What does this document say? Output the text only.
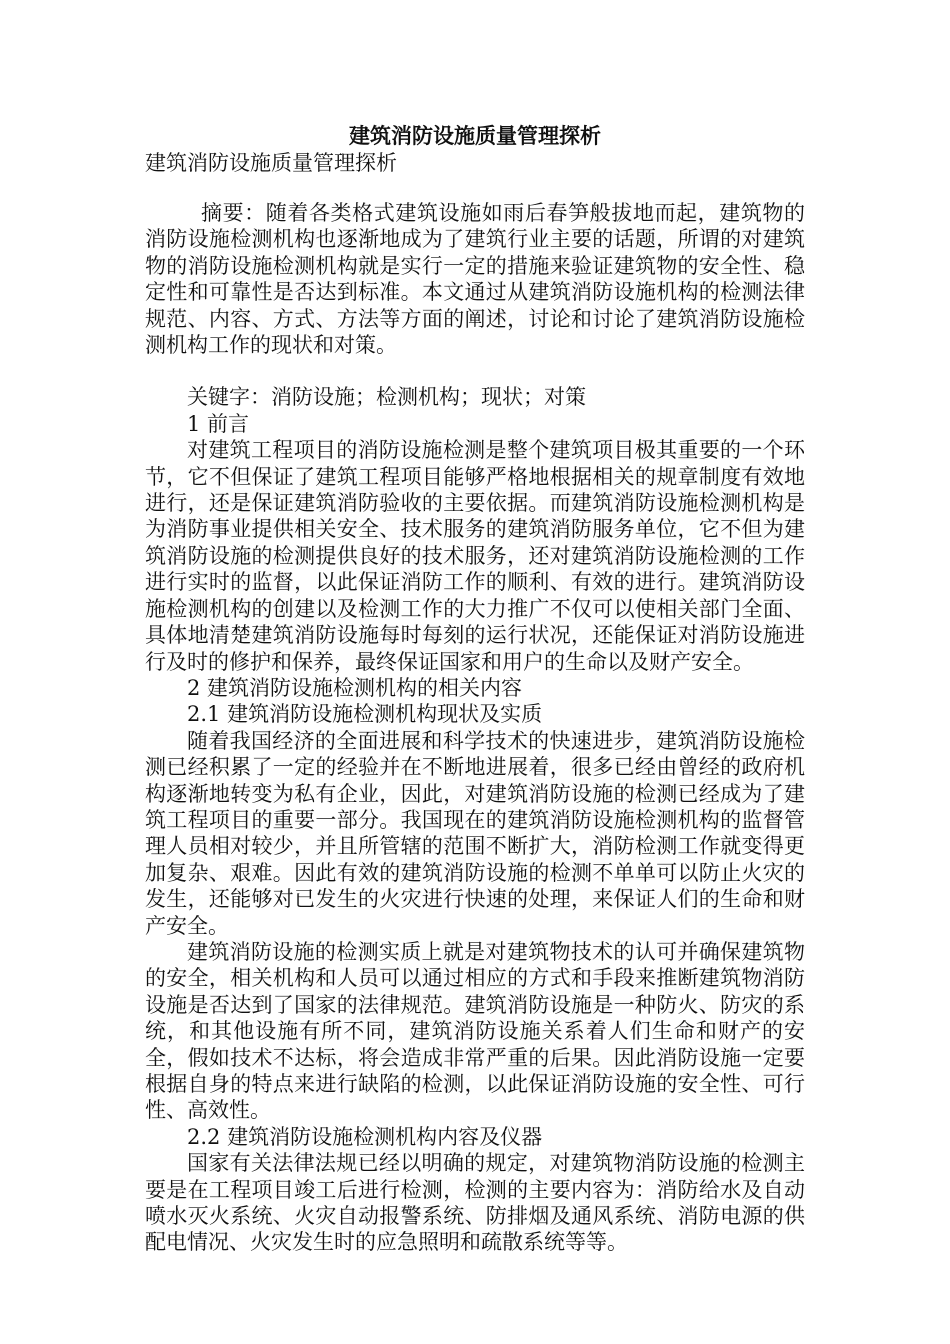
建筑消防设施质量管理探析
建筑消防设施质量管理探析

摘要：随着各类格式建筑设施如雨后春笋般拔地而起，建筑物的消防设施检测机构也逐渐地成为了建筑行业主要的话题，所谓的对建筑物的消防设施检测机构就是实行一定的措施来验证建筑物的安全性、稳定性和可靠性是否达到标准。本文通过从建筑消防设施机构的检测法律规范、内容、方式、方法等方面的阐述，讨论和讨论了建筑消防设施检测机构工作的现状和对策。

关键字：消防设施；检测机构；现状；对策

1 前言

对建筑工程项目的消防设施检测是整个建筑项目极其重要的一个环节，它不但保证了建筑工程项目能够严格地根据相关的规章制度有效地进行，还是保证建筑消防验收的主要依据。而建筑消防设施检测机构是为消防事业提供相关安全、技术服务的建筑消防服务单位，它不但为建筑消防设施的检测提供良好的技术服务，还对建筑消防设施检测的工作进行实时的监督，以此保证消防工作的顺利、有效的进行。建筑消防设施检测机构的创建以及检测工作的大力推广不仅可以使相关部门全面、具体地清楚建筑消防设施每时每刻的运行状况，还能保证对消防设施进行及时的修护和保养，最终保证国家和用户的生命以及财产安全。

2 建筑消防设施检测机构的相关内容

2.1 建筑消防设施检测机构现状及实质

随着我国经济的全面进展和科学技术的快速进步，建筑消防设施检测已经积累了一定的经验并在不断地进展着，很多已经由曾经的政府机构逐渐地转变为私有企业，因此，对建筑消防设施的检测已经成为了建筑工程项目的重要一部分。我国现在的建筑消防设施检测机构的监督管理人员相对较少，并且所管辖的范围不断扩大，消防检测工作就变得更加复杂、艰难。因此有效的建筑消防设施的检测不单单可以防止火灾的发生，还能够对已发生的火灾进行快速的处理，来保证人们的生命和财产安全。

建筑消防设施的检测实质上就是对建筑物技术的认可并确保建筑物的安全，相关机构和人员可以通过相应的方式和手段来推断建筑物消防设施是否达到了国家的法律规范。建筑消防设施是一种防火、防灾的系统，和其他设施有所不同，建筑消防设施关系着人们生命和财产的安全，假如技术不达标，将会造成非常严重的后果。因此消防设施一定要根据自身的特点来进行缺陷的检测，以此保证消防设施的安全性、可行性、高效性。

2.2 建筑消防设施检测机构内容及仪器

国家有关法律法规已经以明确的规定，对建筑物消防设施的检测主要是在工程项目竣工后进行检测，检测的主要内容为：消防给水及自动喷水灭火系统、火灾自动报警系统、防排烟及通风系统、消防电源的供配电情况、火灾发生时的应急照明和疏散系统等等。
